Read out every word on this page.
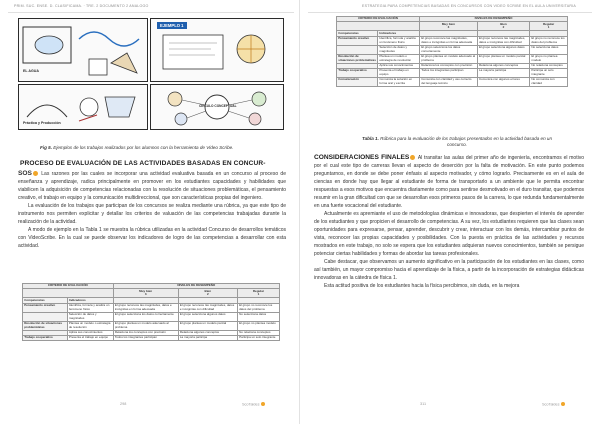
PRIM. SUC. ENSE. D. CLASIFICAMA. · TRE. 2 DOCUMENTO 2 ANALOGO
EL AGUA
EJEMPLO 1
Práctica y Producción
CIRCULO CONCEPTUAL
Fig 5. Ejemplos de los trabajos realizados por los alumnos con la herramienta de Video Scribe.
PROCESO DE EVALUACIÓN DE LAS ACTIVIDADES BASADAS EN CONCUR-

SOS Las razones por las cuales se incorporar una actividad evaluativa basada en un concurso al proceso de enseñanza y aprendizaje, radica principalmente en promover en los estudiantes capacidades y habilidades que viabilicen la adquisición de competencias relacionadas con la resolución de situaciones problemáticas, el pensamiento creativo, el trabajo en equipo y la comunicación multidireccional, que son características propias del ingeniero.

La evaluación de los trabajos que participan de los concursos se realiza mediante una rúbrica, ya que este tipo de instrumento nos permiten explicitar y detallar los criterios de valuación de las competencias trabajadas durante la realización de la actividad.

A modo de ejemplo en la Tabla 1 se muestra la rúbrica utilizadas en la actividad Concurso de desarrollos temáticos con VideoScribe. En la cual se puede observar los indicadores de logro de las competencias a desarrollar con esta actividad.

CRITERIO DE EVALUACIÓN		NIVELES DE DESEMPEÑO		
		Muy bien
3	Bien
2	Regular
1
Competencias	Indicadores			
Pensamiento creativo	Identifica, formula y analiza un fenómeno físico	El grupo reconoce las magnitudes, datos e incógnitas en forma adecuada	El grupo reconoce las magnitudes, datos e incógnitas con dificultad	El grupo no reconoce los datos del problema
	Selección de datos y magnitudes	El grupo selecciona los datos correctamente	El grupo selecciona algunos datos	No selecciona datos
Resolución de situaciones problemáticas	Plantea un modelo o estrategia de resolución	El grupo plantea un modelo adecuado al problema	El grupo plantea un modelo parcial	El grupo no plantea modelo
	Aplica sus conocimientos	Relaciona los conceptos con precisión	Relaciona algunos conceptos	No relaciona conceptos
Trabajo cooperativo	Presenta el trabajo en equipo	Todos los integrantes participan	La mayoría participa	Participa un solo integrante
298	ScoTaldes
ESTRATEGIA PARA COMPETENCIAS BASADAS EN CONCURSOS CON VIDEO SCRIBE EN EL AULA UNIVERSITARIA
CRITERIO DE EVALUACIÓN		NIVELES DE DESEMPEÑO		
		Muy bien
3	Bien
2	Regular
1
Competencias	Indicadores			
Pensamiento creativo	Identifica, formula y analiza un fenómeno físico	El grupo reconoce las magnitudes, datos e incógnitas en forma adecuada	El grupo reconoce las magnitudes, datos e incógnitas con dificultad	El grupo no reconoce los datos del problema
	Selección de datos y magnitudes	El grupo selecciona los datos correctamente	El grupo selecciona algunos datos	No selecciona datos
Resolución de situaciones problemáticas	Plantea un modelo o estrategia de resolución	El grupo plantea un modelo adecuado al problema	El grupo plantea un modelo parcial	El grupo no plantea modelo
	Aplica sus conocimientos	Relaciona los conceptos con precisión	Relaciona algunos conceptos	No relaciona conceptos
Trabajo cooperativo	Presenta el trabajo en equipo	Todos los integrantes participan	La mayoría participa	Participa un solo integrante
Comunicación	Comunica la solución en forma oral y escrita	Comunica con claridad y uso correcto del lenguaje técnico	Comunica con algunos errores	No comunica con claridad
Tabla 1. Rúbrica para la evaluación de los trabajos presentados en la actividad basada en un concurso.

CONSIDERACIONES FINALES Al transitar las aulas del primer año de ingeniería, encontramos el motivo por el cual este tipo de carreras llevan el aspecto de deserción por la falta de motivación. En este punto podemos preguntarnos, en donde se debe poner énfasis al aspecto motivador, y cómo lograrlo. Precisamente es en el aula de ciencias en donde hay que llegar al estudiante de forma de transportarlo a un ambiente que le permita encontrar respuestas a esos motivos que encuentra diariamente como para sentirse desmotivado en el duro transitar, que podemos resumir en la gran dificultad con que se desarrollan esos primeros pasos de la carrera, lo que redunda fundamentalmente en una fuerte vocacional del estudiante.

Actualmente es apremiante el uso de metodologías dinámicas e innovadoras, que despierten el interés de aprender de los estudiantes y que propicien el desarrollo de competencias. A su vez, los estudiantes requieren que las clases sean oportunidades para expresarse, pensar, aprender, descubrir y crear, interactuar con los demás, intercambiar puntos de vista, reconocer las propias capacidades y posibilidades. Con la puesta en práctica de las actividades y recursos mostrados en este trabajo, no solo se espera que los estudiantes adquieran nuevos conocimientos, también se persigue potenciar ciertas habilidades y formas de abordar las tareas profesionales.

Cabe destacar, que observamos un aumento significativo en la participación de los estudiantes en las clases, como así también, un mayor compromiso hacia el aprendizaje de la física, a partir de la incorporación de estrategias didácticas innovadoras en la cátedra de física 1.

Esta actitud positiva de los estudiantes hacia la física percibimos, sin duda, en la mejora

311	ScoTaldes
